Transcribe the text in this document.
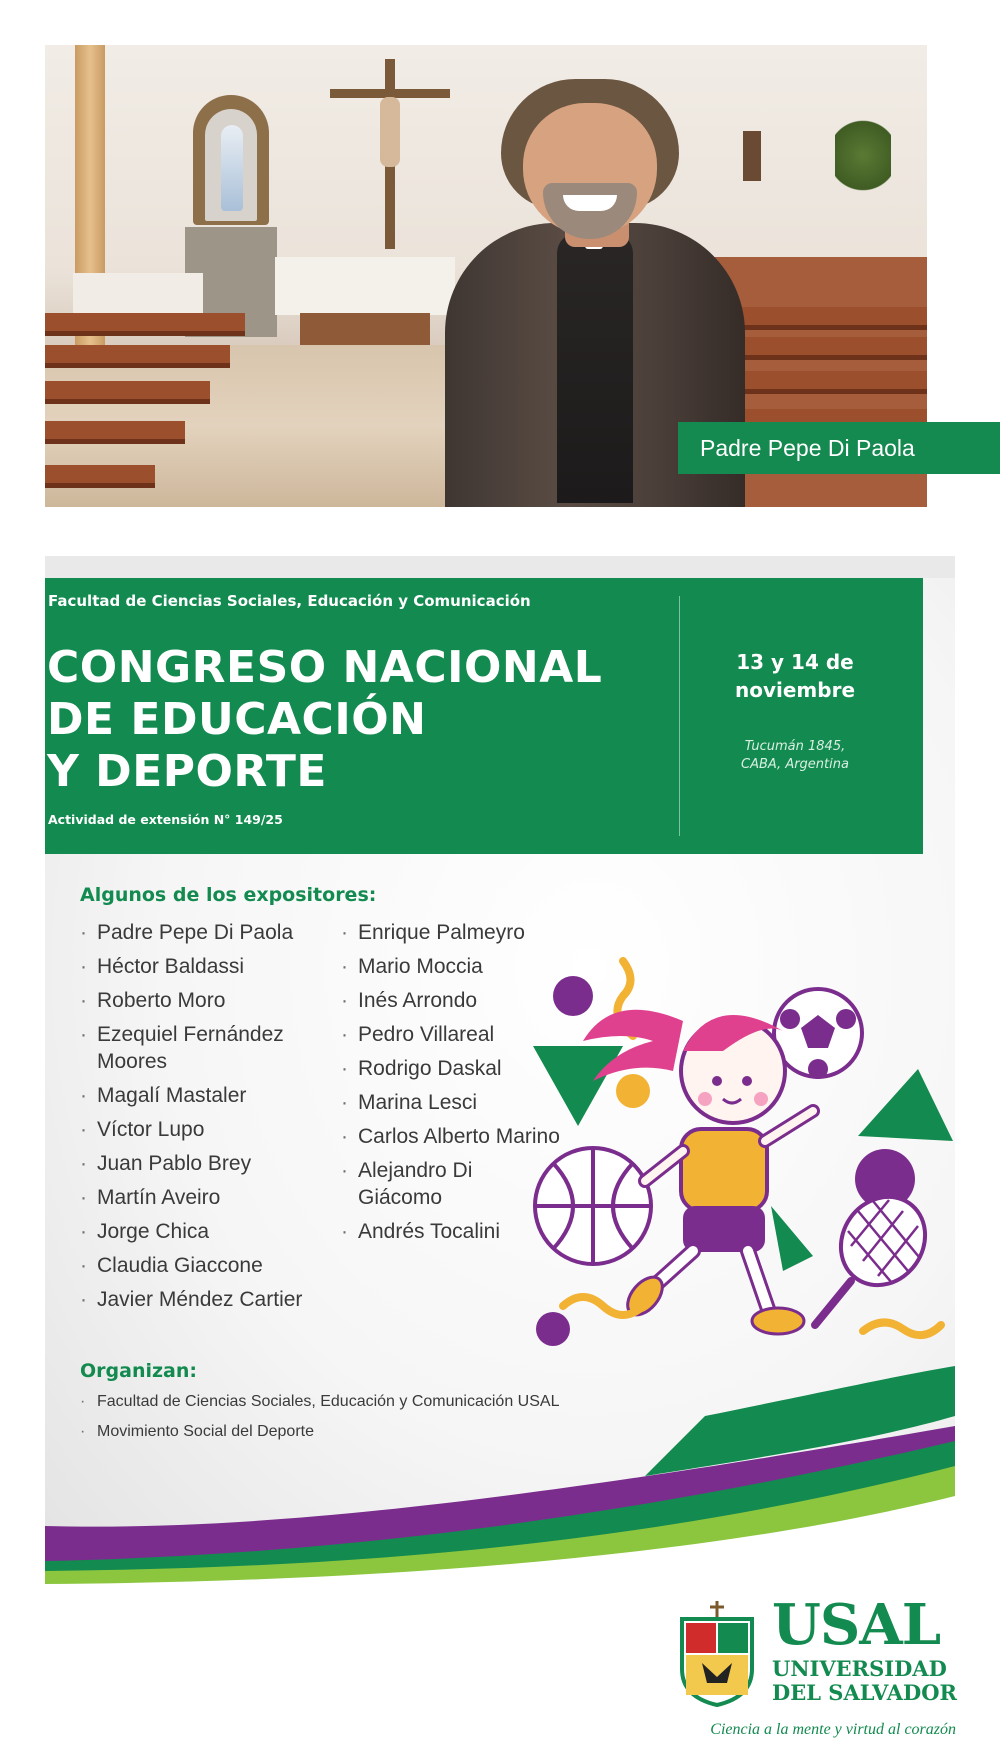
Padre Pepe Di Paola
Facultad de Ciencias Sociales, Educación y Comunicación
CONGRESO NACIONAL
DE EDUCACIÓN
Y DEPORTE
Actividad de extensión N° 149/25
13 y 14 de
noviembre
Tucumán 1845,
CABA, Argentina
Algunos de los expositores:
· Padre Pepe Di Paola
· Héctor Baldassi
· Roberto Moro
· Ezequiel Fernández Moores
· Magalí Mastaler
· Víctor Lupo
· Juan Pablo Brey
· Martín Aveiro
· Jorge Chica
· Claudia Giaccone
· Javier Méndez Cartier
· Enrique Palmeyro
· Mario Moccia
· Inés Arrondo
· Pedro Villareal
· Rodrigo Daskal
· Marina Lesci
· Carlos Alberto Marino
· Alejandro Di Giácomo
· Andrés Tocalini
Organizan:
· Facultad de Ciencias Sociales, Educación y Comunicación USAL
· Movimiento Social del Deporte
USAL
UNIVERSIDAD
DEL SALVADOR
Ciencia a la mente y virtud al corazón
